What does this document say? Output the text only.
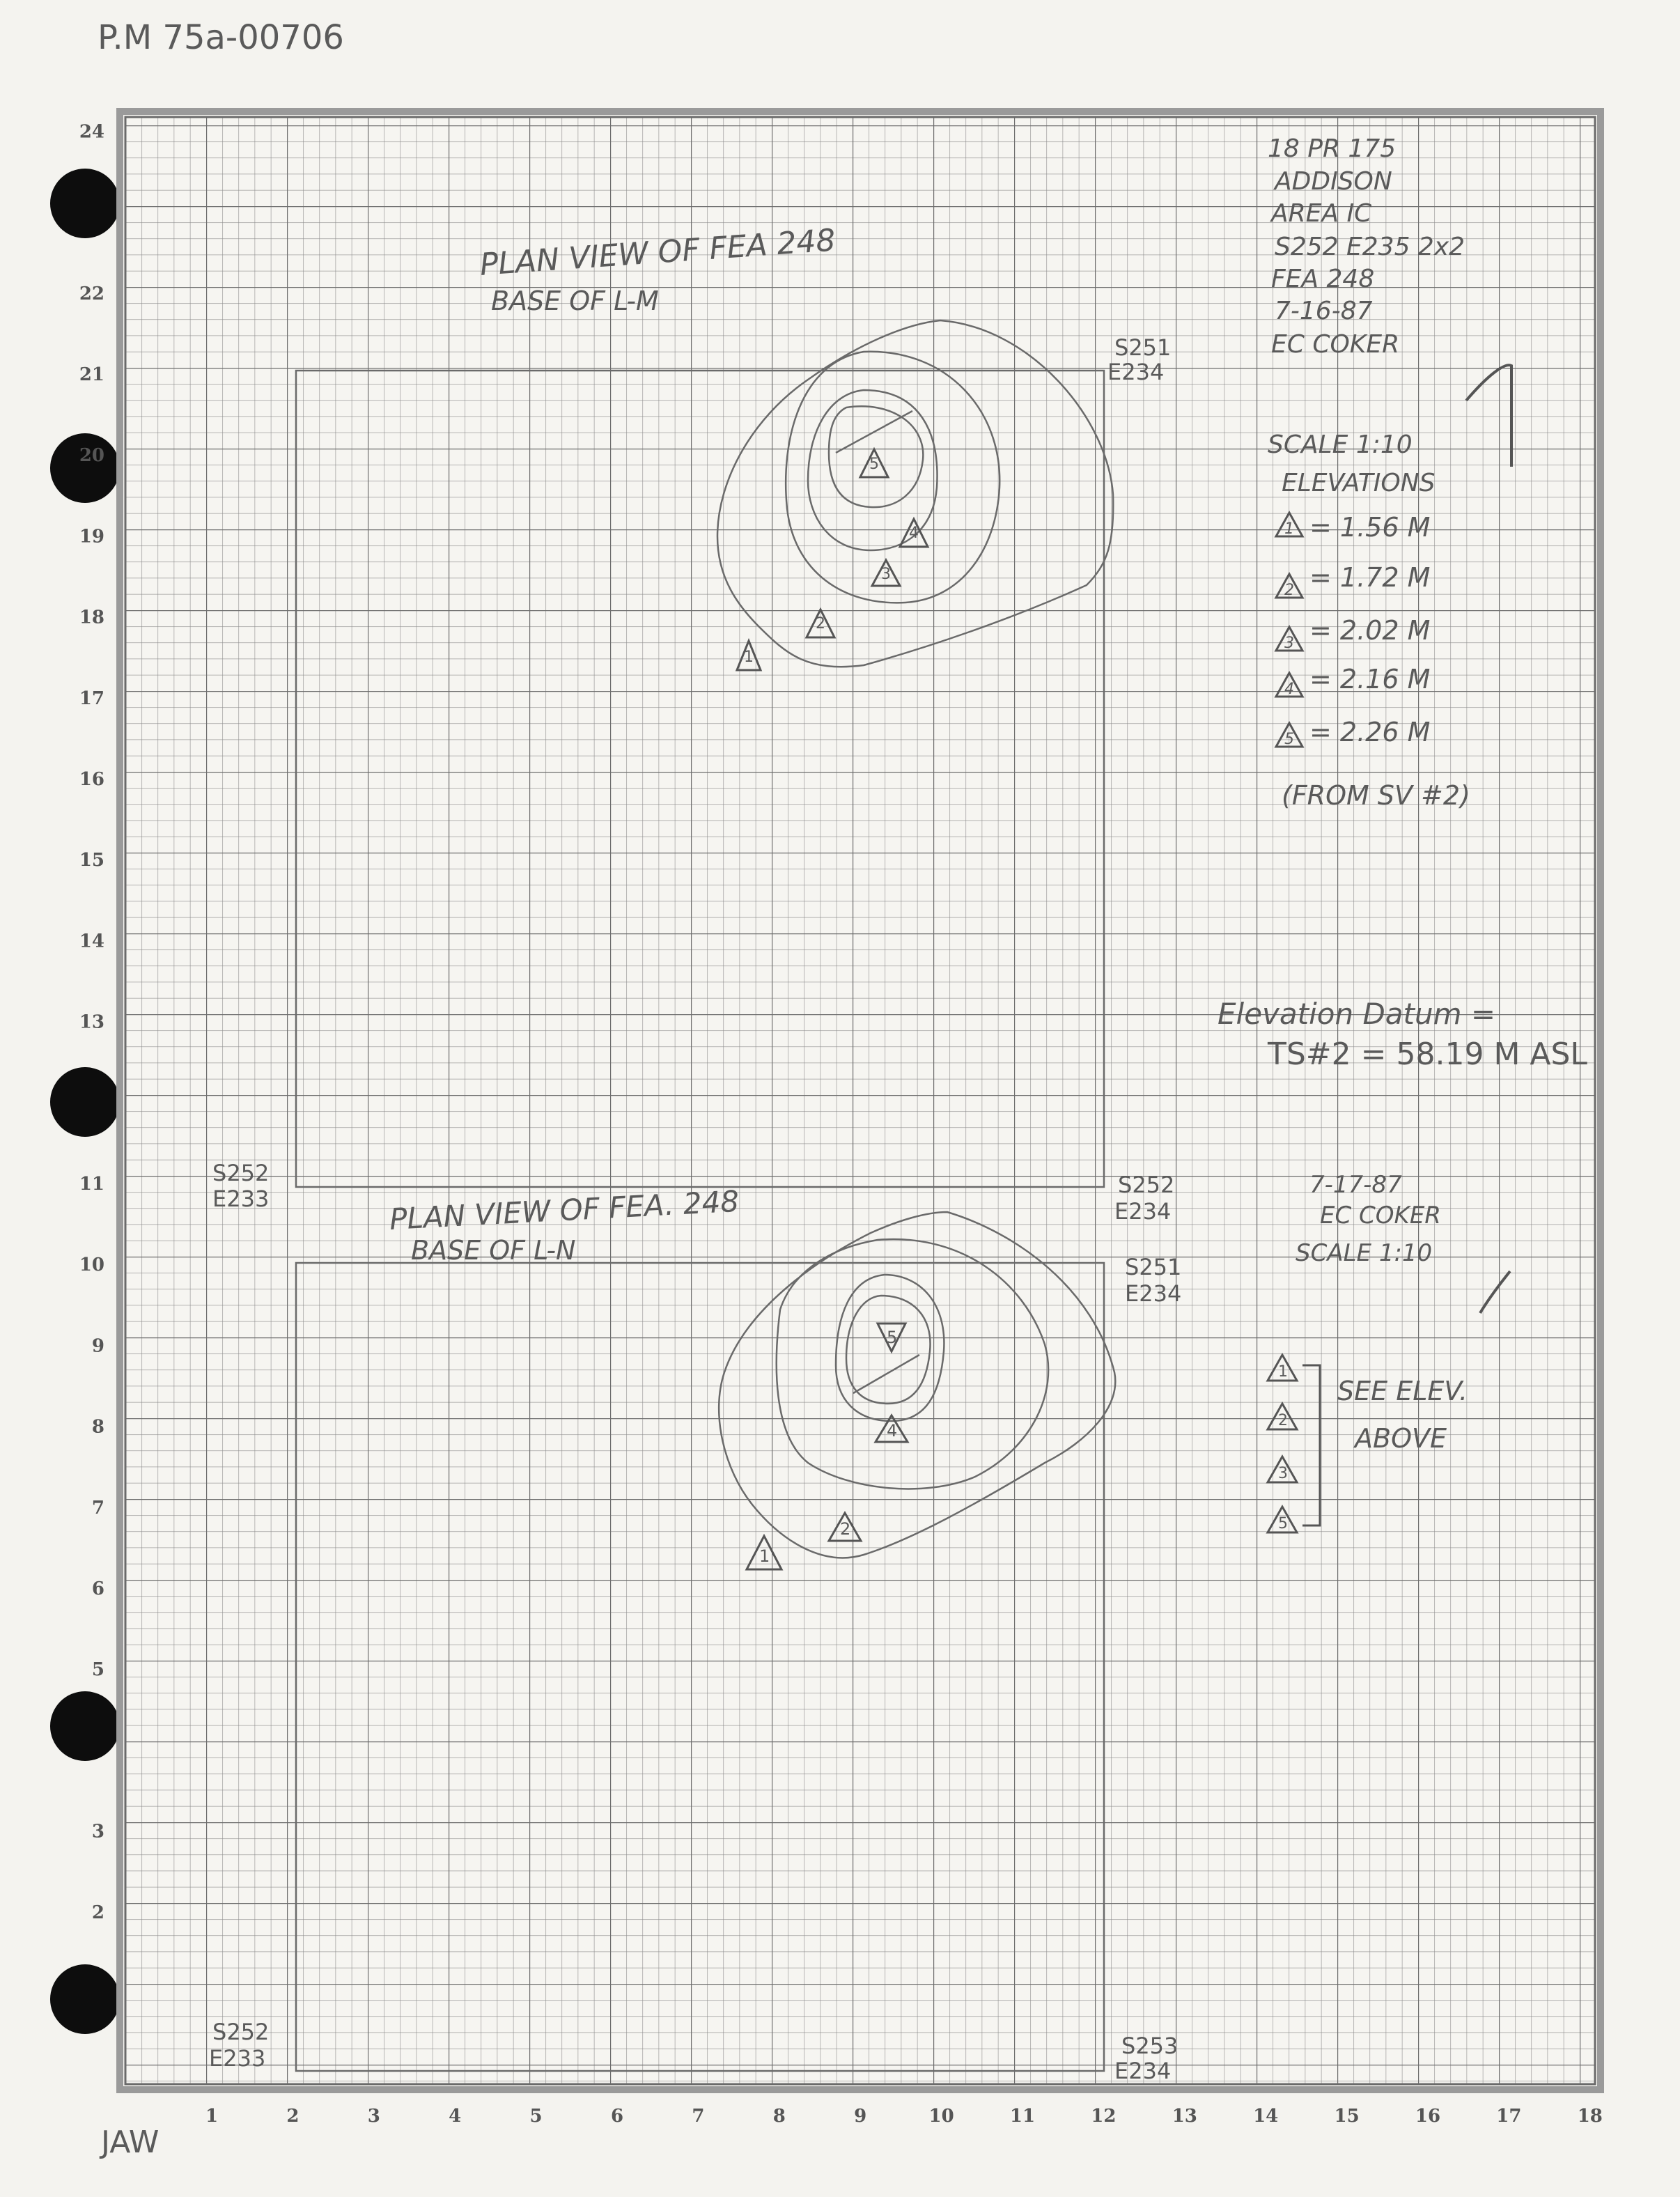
P.M 75a-00706
JAW
24
22
21
20
19
18
17
16
15
14
13
11
10
9
8
7
6
5
3
2
1	2	3	4	5	6	7	8	9	10	11	12	13	14	15	16	17	18
PLAN VIEW OF FEA 248
BASE OF L-M
S251
E234
1
2
3
4
5
18 PR 175
ADDISON
AREA IC
S252 E235 2x2
FEA 248
7-16-87
EC COKER
SCALE 1:10
ELEVATIONS
1
2
3
4
5
= 1.56 M
= 1.72 M
= 2.02 M
= 2.16 M
= 2.26 M
(FROM SV #2)
Elevation Datum =
TS#2 = 58.19 M ASL
PLAN VIEW OF FEA. 248
BASE OF L-N
S252
E233
S252
E234
S251
E234
S252
E233	S253
E234
1
2
5
4
7-17-87
EC COKER
SCALE 1:10
1
2
3
5
SEE ELEV.
ABOVE
